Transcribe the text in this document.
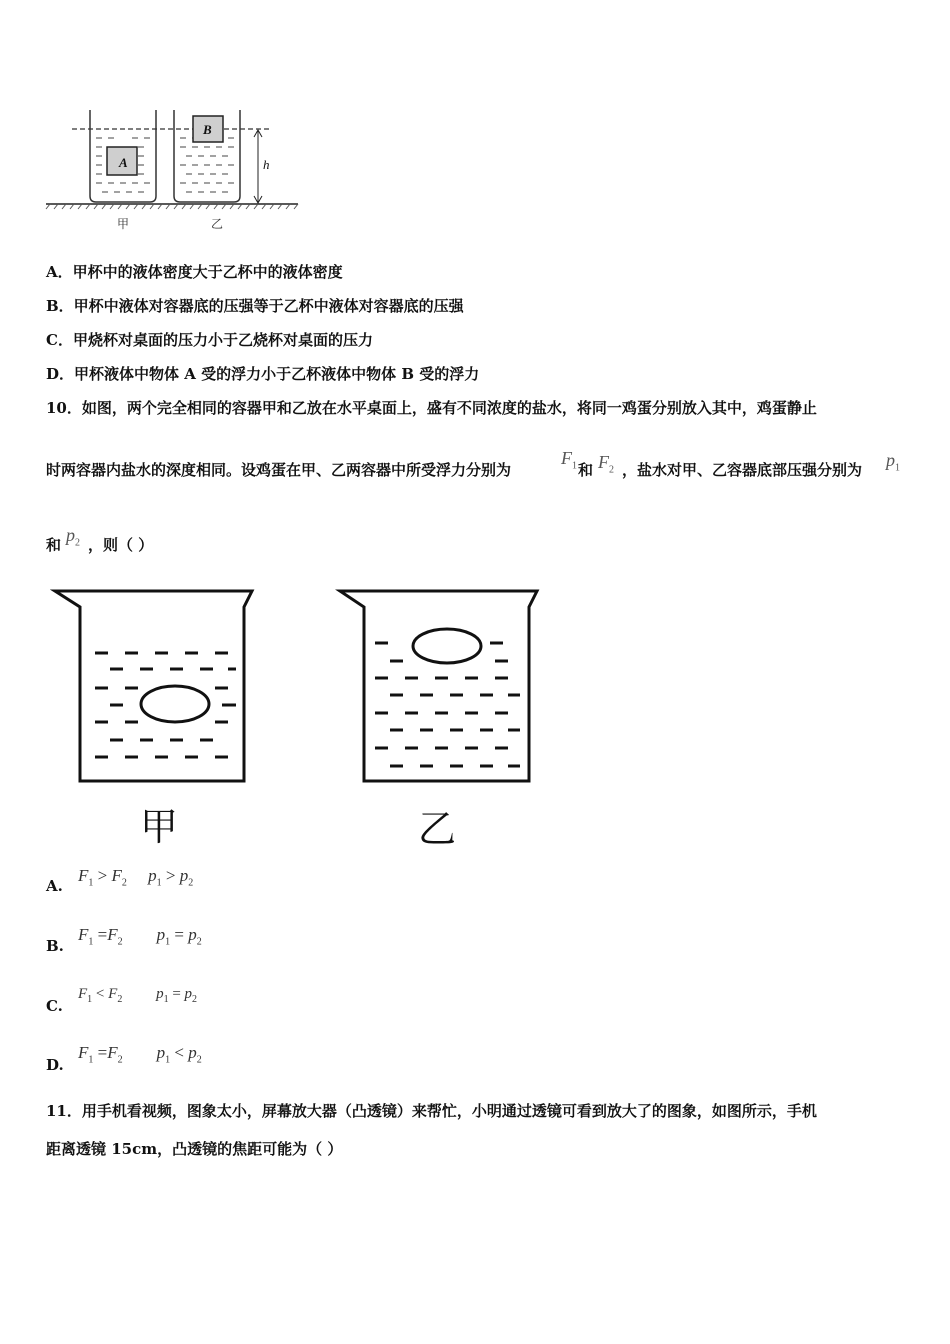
A
B
h
甲	乙
A．甲杯中的液体密度大于乙杯中的液体密度
B．甲杯中液体对容器底的压强等于乙杯中液体对容器底的压强
C．甲烧杯对桌面的压力小于乙烧杯对桌面的压力
D．甲杯液体中物体 A 受的浮力小于乙杯液体中物体 B 受的浮力
10．如图，两个完全相同的容器甲和乙放在水平桌面上，盛有不同浓度的盐水，将同一鸡蛋分别放入其中，鸡蛋静止
时两容器内盐水的深度相同。设鸡蛋在甲、乙两容器中所受浮力分别为
$F_1$ 和 $F_2$ ，盐水对甲、乙容器底部压强分别为 $p_1$
和 $p_2$ ，则（ ）
甲	乙
A.
$F_1 > F_2$     $p_1 > p_2$
B.
$F_1 =F_2$        $p_1 = p_2$
C.
$F_1 < F_2$         $p_1 = p_2$
D.
$F_1 =F_2$        $p_1 < p_2$
11．用手机看视频，图象太小，屏幕放大器（凸透镜）来帮忙，小明通过透镜可看到放大了的图象，如图所示，手机
距离透镜 15cm，凸透镜的焦距可能为（ ）
